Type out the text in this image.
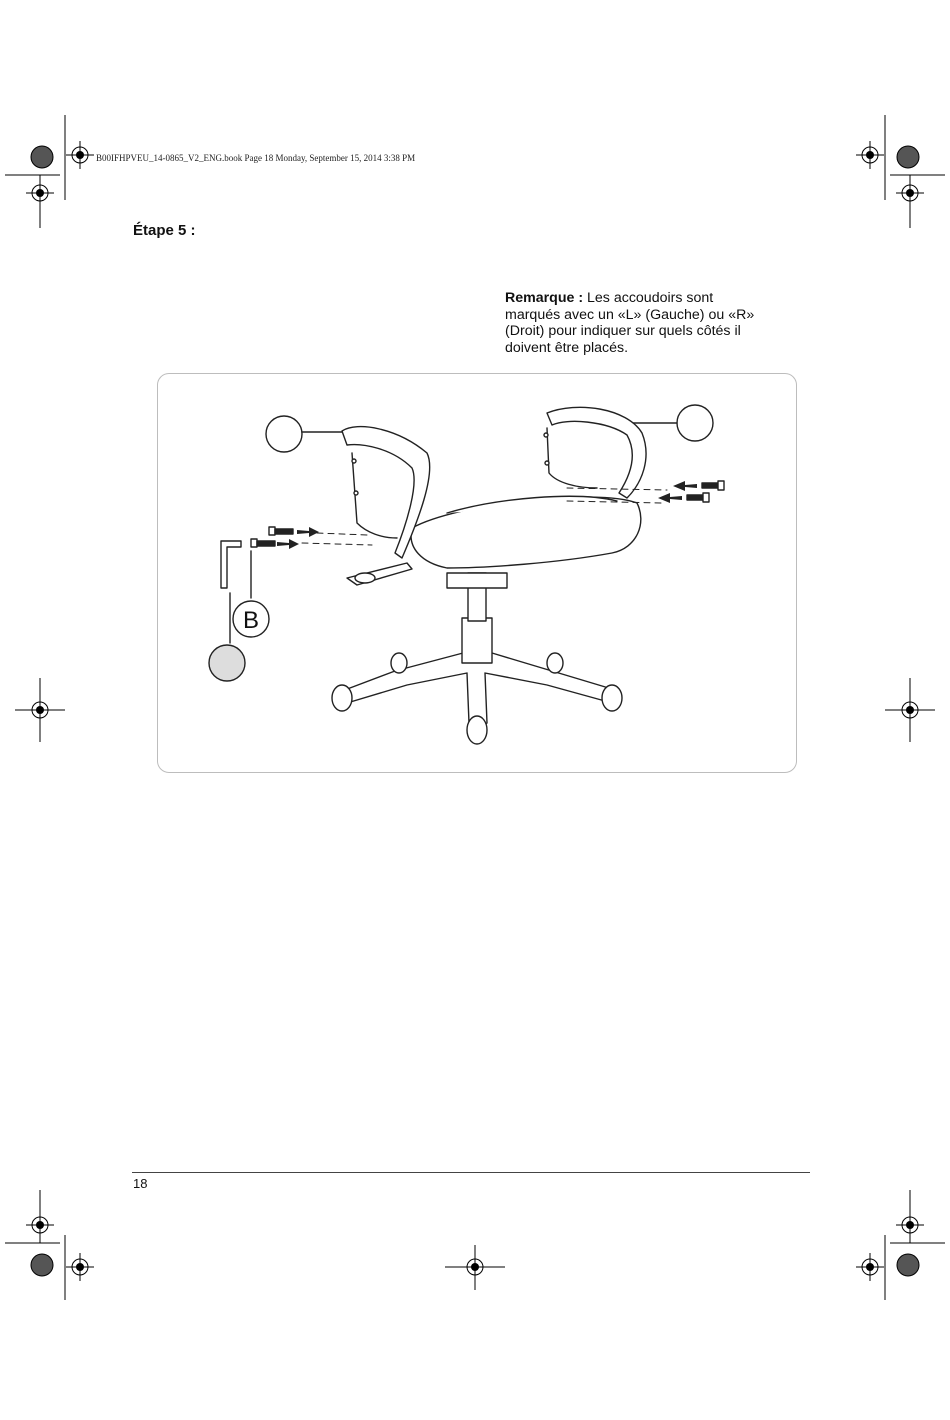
B00IFHPVEU_14-0865_V2_ENG.book Page 18 Monday, September 15, 2014 3:38 PM
Étape 5 :
Remarque : Les accoudoirs sont marqués avec un «L» (Gauche) ou «R» (Droit) pour indiquer sur quels côtés il doivent être placés.
B
18
